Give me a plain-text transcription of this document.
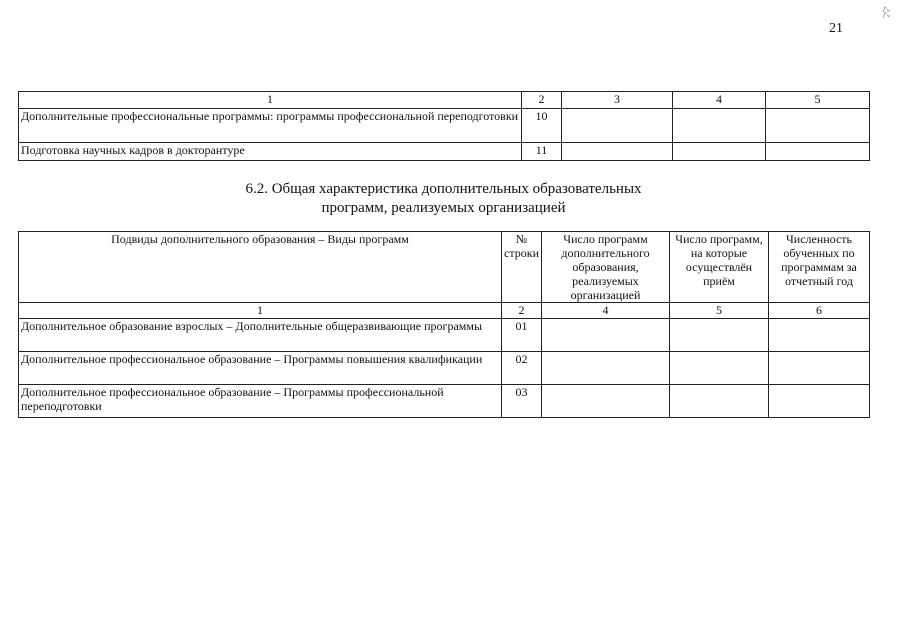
21
ՀՀ
1	2	3	4	5
Дополнительные профессиональные программы: программы профессиональной переподготовки	10			
Подготовка научных кадров в докторантуре	11			
6.2. Общая характеристика дополнительных образовательных
программ, реализуемых организацией
Подвиды дополнительного образования – Виды программ	№ строки	Число программ дополнительного образования, реализуемых организацией	Число программ, на которые осуществлён приём	Численность обученных по программам за отчетный год
1	2	4	5	6
Дополнительное образование взрослых – Дополнительные общеразвивающие программы	01			
Дополнительное профессиональное образование – Программы повышения квалификации	02			
Дополнительное профессиональное образование – Программы профессиональной переподготовки	03			
